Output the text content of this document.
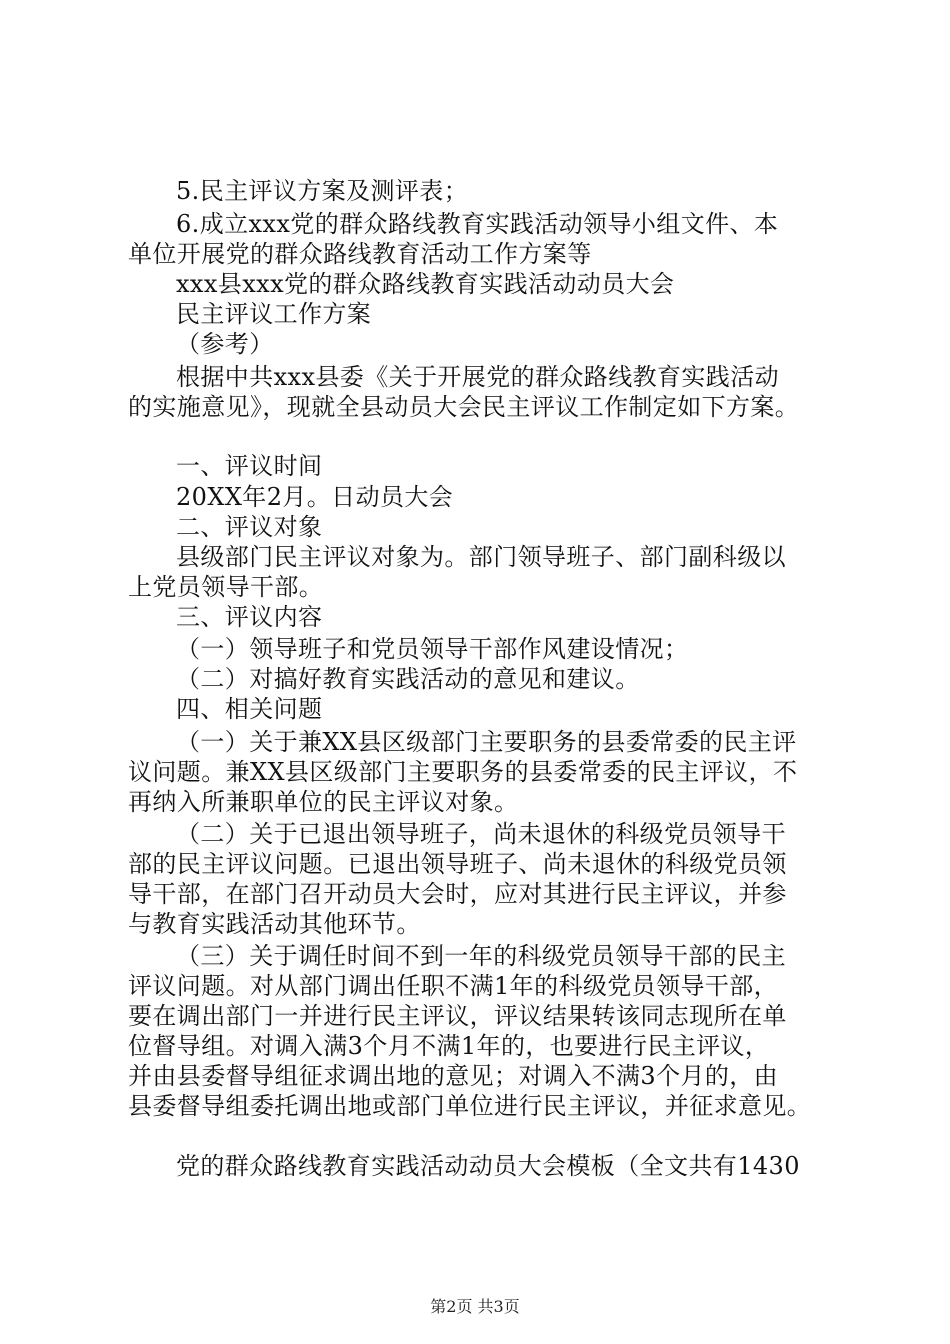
5.民主评议方案及测评表；
6.成立xxx党的群众路线教育实践活动领导小组文件、本
单位开展党的群众路线教育活动工作方案等
xxx县xxx党的群众路线教育实践活动动员大会
民主评议工作方案
（参考）
根据中共xxx县委《关于开展党的群众路线教育实践活动
的实施意见》，现就全县动员大会民主评议工作制定如下方案。
一、评议时间
20XX年2月。日动员大会
二、评议对象
县级部门民主评议对象为。部门领导班子、部门副科级以
上党员领导干部。
三、评议内容
（一）领导班子和党员领导干部作风建设情况；
（二）对搞好教育实践活动的意见和建议。
四、相关问题
（一）关于兼XX县区级部门主要职务的县委常委的民主评
议问题。兼XX县区级部门主要职务的县委常委的民主评议，不
再纳入所兼职单位的民主评议对象。
（二）关于已退出领导班子，尚未退休的科级党员领导干
部的民主评议问题。已退出领导班子、尚未退休的科级党员领
导干部，在部门召开动员大会时，应对其进行民主评议，并参
与教育实践活动其他环节。
（三）关于调任时间不到一年的科级党员领导干部的民主
评议问题。对从部门调出任职不满1年的科级党员领导干部，
要在调出部门一并进行民主评议，评议结果转该同志现所在单
位督导组。对调入满3个月不满1年的，也要进行民主评议，
并由县委督导组征求调出地的意见；对调入不满3个月的，由
县委督导组委托调出地或部门单位进行民主评议，并征求意见。
党的群众路线教育实践活动动员大会模板（全文共有1430
第2页 共3页
